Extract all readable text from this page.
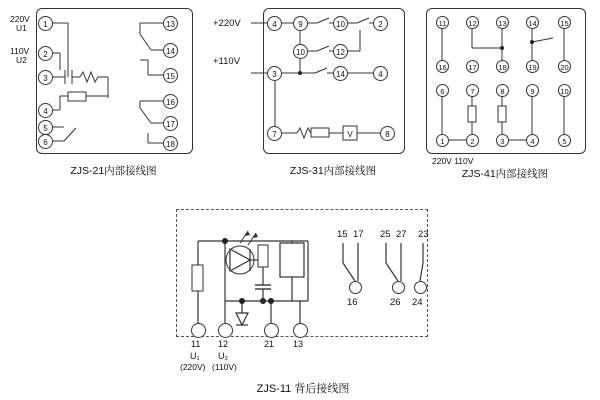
220V
U1
110V
U2
1
2
3
4
5
6
13
14
15
16
17
18
ZJS-21内部接线图
+220V
+110V
4	9	10	2
10	12
3	14	4
7	8
V
ZJS-31内部接线图
11	12	13	14	15
16	17	18	19	20
6	7	8	9	10
1	2	3	4	5
220V 110V
ZJS-41内部接线图
11 12	21 13
U₁ U₂
(220V) (110V)
15 17 25 27 23
16	26 24
ZJS-11 背后接线图
